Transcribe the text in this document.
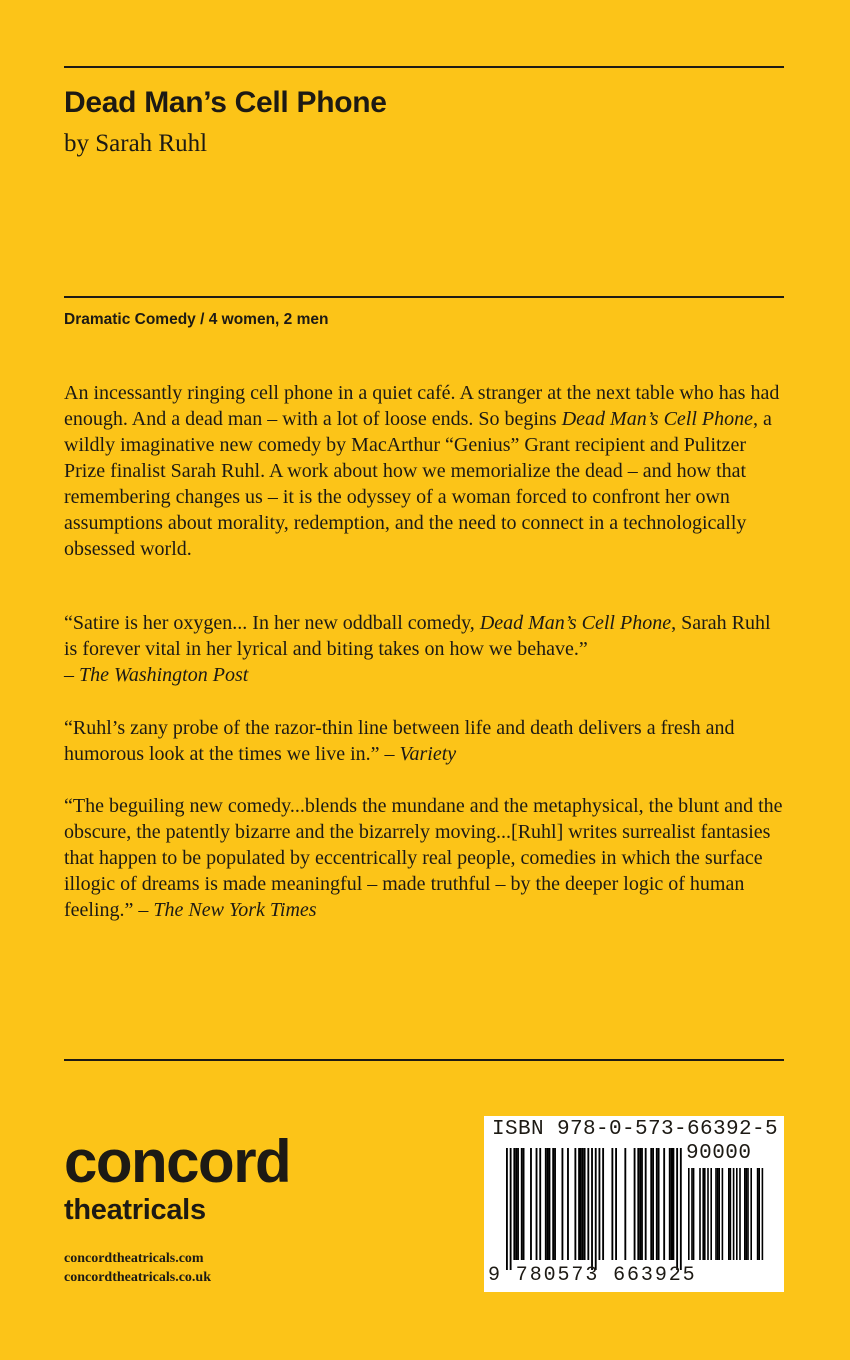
Dead Man’s Cell Phone

by Sarah Ruhl

Dramatic Comedy / 4 women, 2 men

An incessantly ringing cell phone in a quiet café. A stranger at the next table who has had enough. And a dead man – with a lot of loose ends. So begins Dead Man’s Cell Phone, a wildly imaginative new comedy by MacArthur “Genius” Grant recipient and Pulitzer Prize finalist Sarah Ruhl. A work about how we memorialize the dead – and how that remembering changes us – it is the odyssey of a woman forced to confront her own assumptions about morality, redemption, and the need to connect in a technologically obsessed world.

“Satire is her oxygen... In her new oddball comedy, Dead Man’s Cell Phone, Sarah Ruhl is forever vital in her lyrical and biting takes on how we behave.”
– The Washington Post

“Ruhl’s zany probe of the razor-thin line between life and death delivers a fresh and humorous look at the times we live in.” – Variety

“The beguiling new comedy...blends the mundane and the metaphysical, the blunt and the obscure, the patently bizarre and the bizarrely moving...[Ruhl] writes surrealist fantasies that happen to be populated by eccentrically real people, comedies in which the surface illogic of dreams is made meaningful – made truthful – by the deeper logic of human feeling.” – The New York Times

concord
theatricals

concordtheatricals.com

concordtheatricals.co.uk

ISBN 978-0-573-66392-5

90000

9 780573 663925
